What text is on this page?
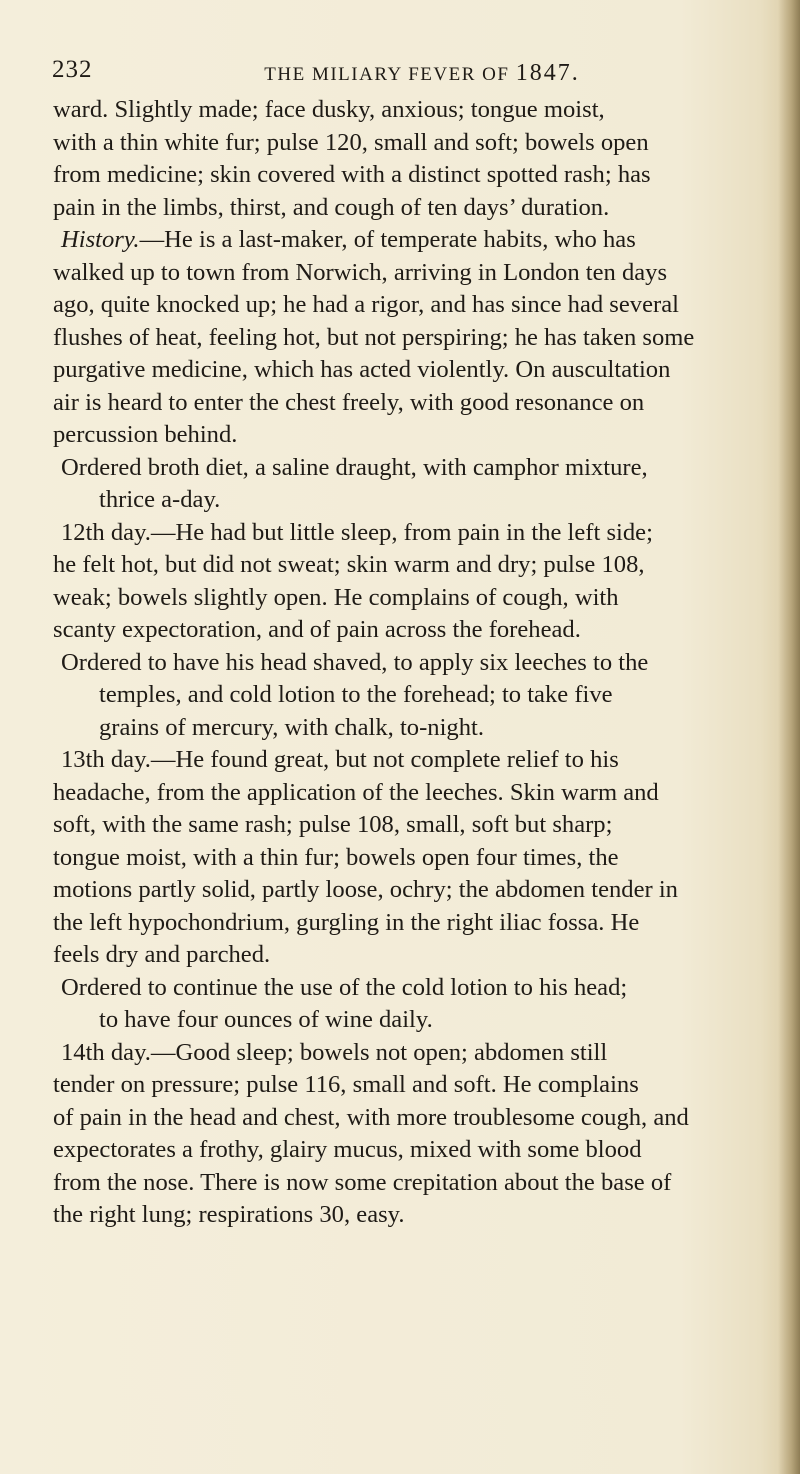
232	THE MILIARY FEVER OF 1847.
ward. Slightly made; face dusky, anxious; tongue moist,
with a thin white fur; pulse 120, small and soft; bowels open
from medicine; skin covered with a distinct spotted rash; has
pain in the limbs, thirst, and cough of ten days’ duration.
History.—He is a last-maker, of temperate habits, who has
walked up to town from Norwich, arriving in London ten days
ago, quite knocked up; he had a rigor, and has since had several
flushes of heat, feeling hot, but not perspiring; he has taken some
purgative medicine, which has acted violently. On auscultation
air is heard to enter the chest freely, with good resonance on
percussion behind.
Ordered broth diet, a saline draught, with camphor mixture,
thrice a-day.
12th day.—He had but little sleep, from pain in the left side;
he felt hot, but did not sweat; skin warm and dry; pulse 108,
weak; bowels slightly open. He complains of cough, with
scanty expectoration, and of pain across the forehead.
Ordered to have his head shaved, to apply six leeches to the
temples, and cold lotion to the forehead; to take five
grains of mercury, with chalk, to-night.
13th day.—He found great, but not complete relief to his
headache, from the application of the leeches. Skin warm and
soft, with the same rash; pulse 108, small, soft but sharp;
tongue moist, with a thin fur; bowels open four times, the
motions partly solid, partly loose, ochry; the abdomen tender in
the left hypochondrium, gurgling in the right iliac fossa. He
feels dry and parched.
Ordered to continue the use of the cold lotion to his head;
to have four ounces of wine daily.
14th day.—Good sleep; bowels not open; abdomen still
tender on pressure; pulse 116, small and soft. He complains
of pain in the head and chest, with more troublesome cough, and
expectorates a frothy, glairy mucus, mixed with some blood
from the nose. There is now some crepitation about the base of
the right lung; respirations 30, easy.
